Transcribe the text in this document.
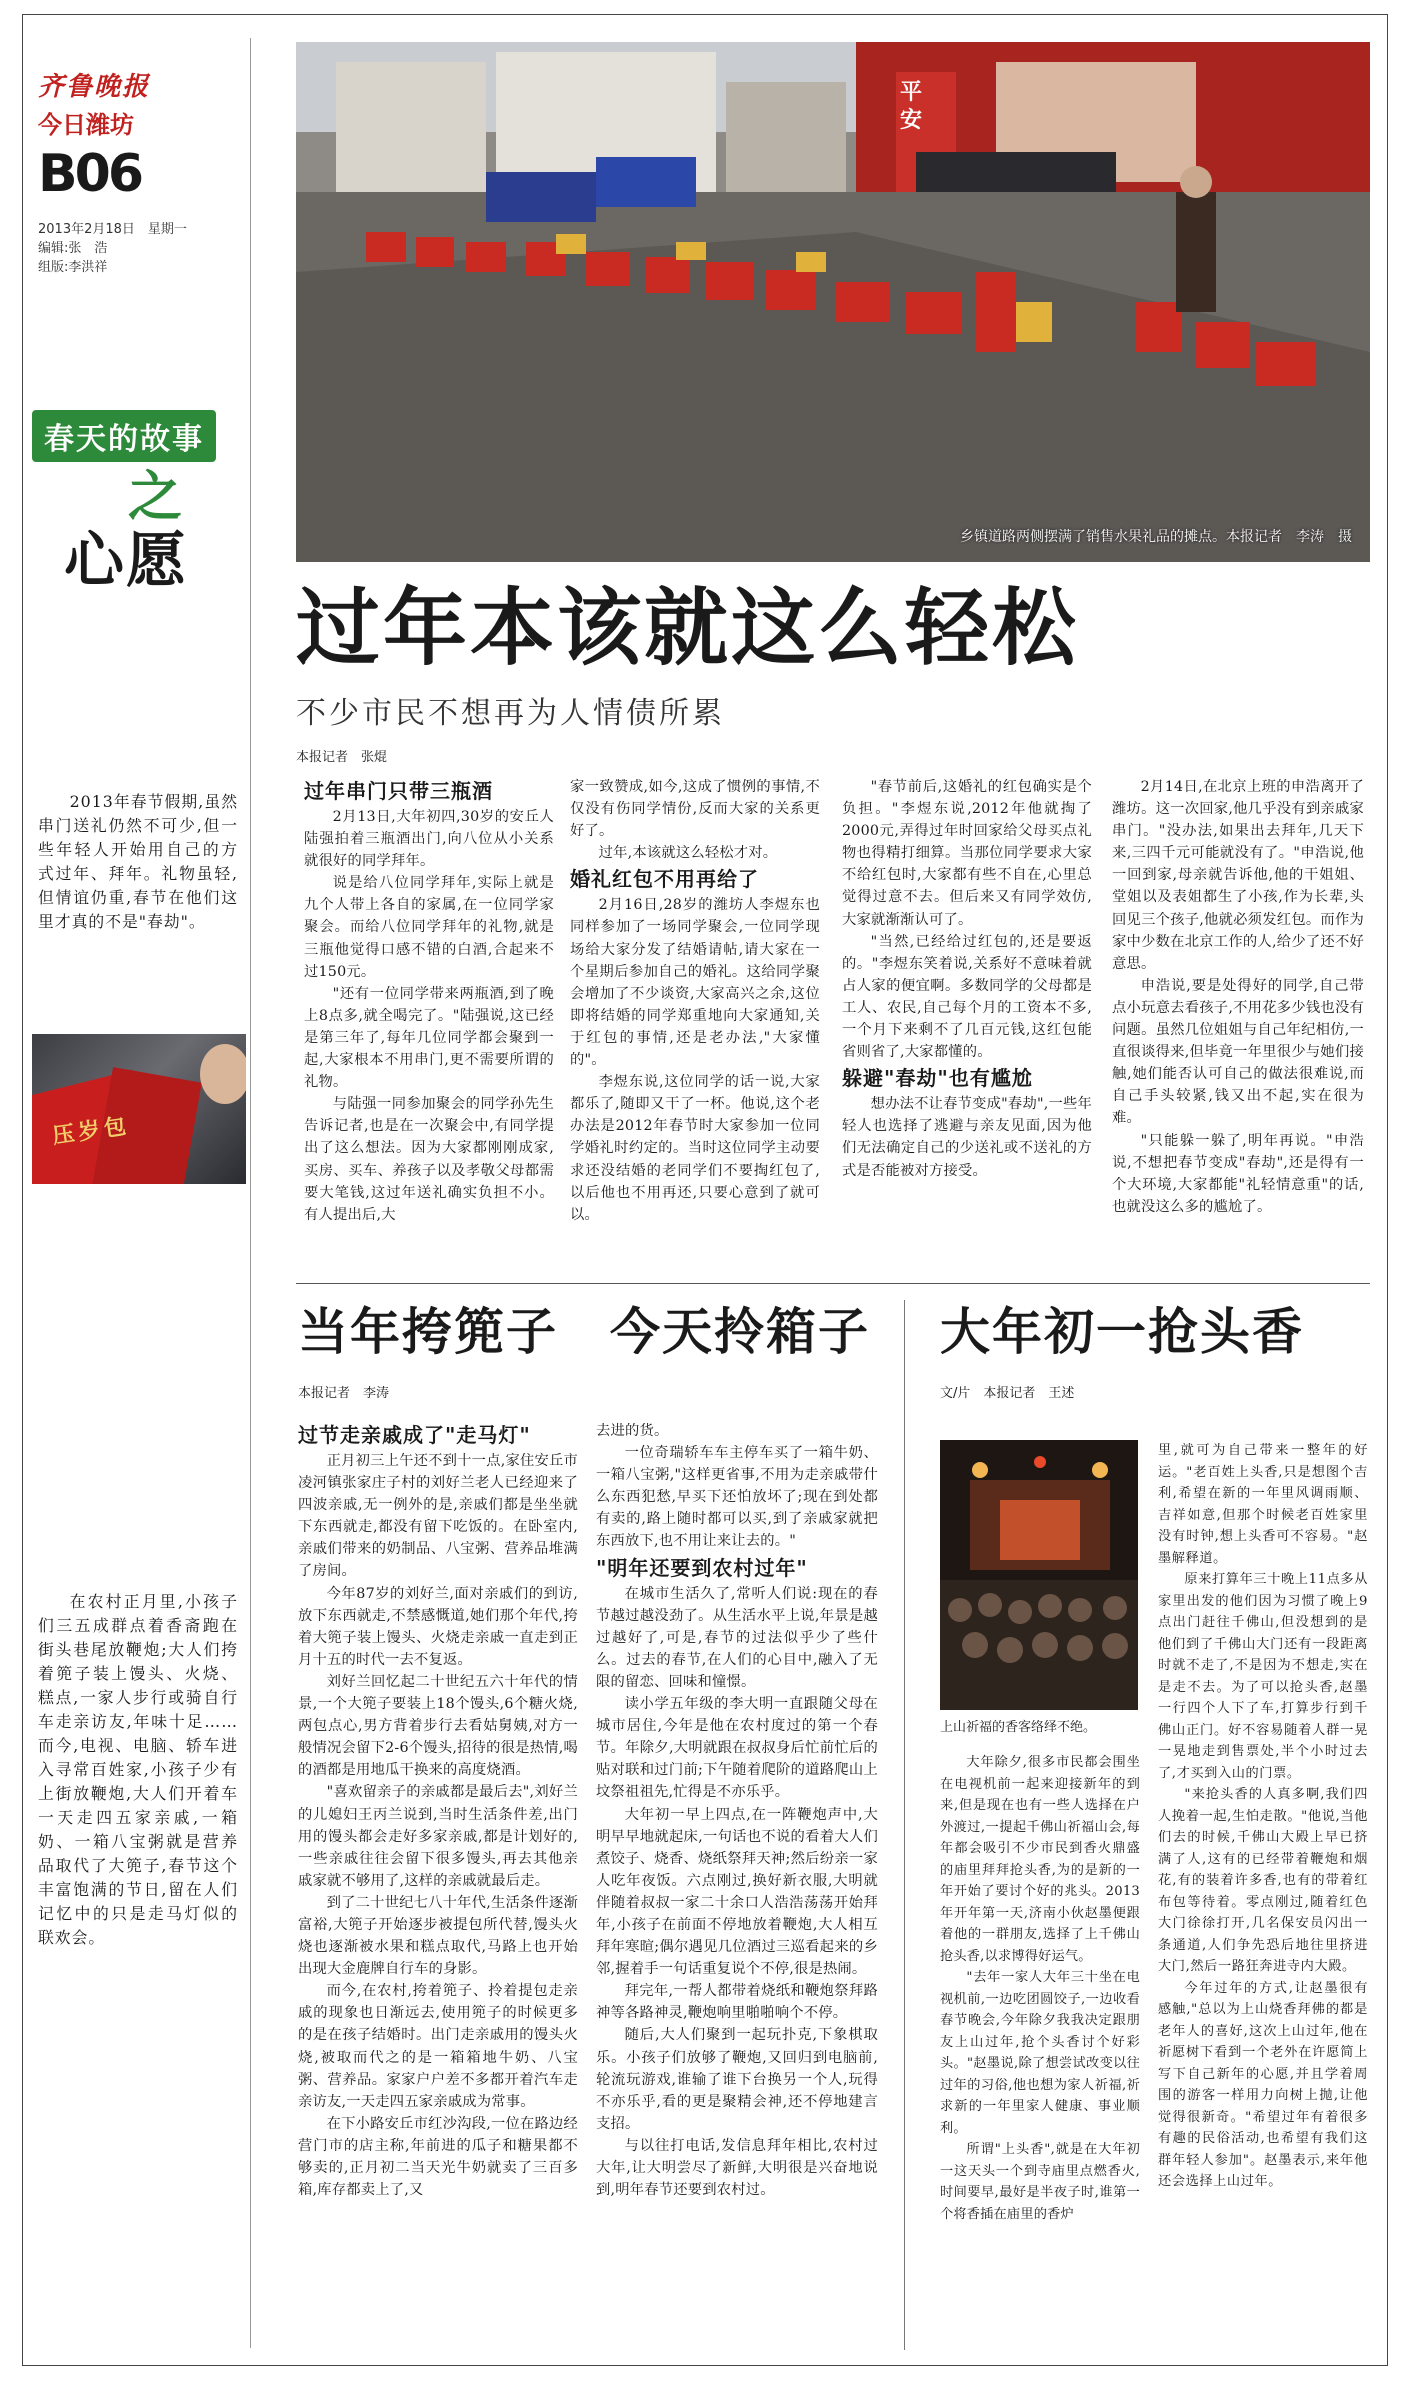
齐鲁晚报
今日潍坊
B06
2013年2月18日　星期一
编辑:张　浩
组版:李洪祥
春天的故事
之
心愿

2013年春节假期,虽然串门送礼仍然不可少,但一些年轻人开始用自己的方式过年、拜年。礼物虽轻,但情谊仍重,春节在他们这里才真的不是"春劫"。

压岁包

在农村正月里,小孩子们三五成群点着香斋跑在街头巷尾放鞭炮;大人们挎着篼子装上馒头、火烧、糕点,一家人步行或骑自行车走亲访友,年味十足……而今,电视、电脑、轿车进入寻常百姓家,小孩子少有上街放鞭炮,大人们开着车一天走四五家亲戚,一箱奶、一箱八宝粥就是营养品取代了大篼子,春节这个丰富饱满的节日,留在人们记忆中的只是走马灯似的联欢会。

平安
乡镇道路两侧摆满了销售水果礼品的摊点。本报记者　李涛　摄
过年本该就这么轻松
不少市民不想再为人情债所累
本报记者　张焜

过年串门只带三瓶酒

2月13日,大年初四,30岁的安丘人陆强拍着三瓶酒出门,向八位从小关系就很好的同学拜年。

说是给八位同学拜年,实际上就是九个人带上各自的家属,在一位同学家聚会。而给八位同学拜年的礼物,就是三瓶他觉得口感不错的白酒,合起来不过150元。

"还有一位同学带来两瓶酒,到了晚上8点多,就全喝完了。"陆强说,这已经是第三年了,每年几位同学都会聚到一起,大家根本不用串门,更不需要所谓的礼物。

与陆强一同参加聚会的同学孙先生告诉记者,也是在一次聚会中,有同学提出了这么想法。因为大家都刚刚成家,买房、买车、养孩子以及孝敬父母都需要大笔钱,这过年送礼确实负担不小。有人提出后,大

家一致赞成,如今,这成了惯例的事情,不仅没有伤同学情份,反而大家的关系更好了。

过年,本该就这么轻松才对。

婚礼红包不用再给了

2月16日,28岁的潍坊人李煜东也同样参加了一场同学聚会,一位同学现场给大家分发了结婚请帖,请大家在一个星期后参加自己的婚礼。这给同学聚会增加了不少谈资,大家高兴之余,这位即将结婚的同学郑重地向大家通知,关于红包的事情,还是老办法,"大家懂的"。

李煜东说,这位同学的话一说,大家都乐了,随即又干了一杯。他说,这个老办法是2012年春节时大家参加一位同学婚礼时约定的。当时这位同学主动要求还没结婚的老同学们不要掏红包了,以后他也不用再还,只要心意到了就可以。

"春节前后,这婚礼的红包确实是个负担。"李煜东说,2012年他就掏了2000元,弄得过年时回家给父母买点礼物也得精打细算。当那位同学要求大家不给红包时,大家都有些不自在,心里总觉得过意不去。但后来又有同学效仿,大家就渐渐认可了。

"当然,已经给过红包的,还是要返的。"李煜东笑着说,关系好不意味着就占人家的便宜啊。多数同学的父母都是工人、农民,自己每个月的工资本不多,一个月下来剩不了几百元钱,这红包能省则省了,大家都懂的。

躲避"春劫"也有尴尬

想办法不让春节变成"春劫",一些年轻人也选择了逃避与亲友见面,因为他们无法确定自己的少送礼或不送礼的方式是否能被对方接受。

2月14日,在北京上班的申浩离开了潍坊。这一次回家,他几乎没有到亲戚家串门。"没办法,如果出去拜年,几天下来,三四千元可能就没有了。"申浩说,他一回到家,母亲就告诉他,他的干姐姐、堂姐以及表姐都生了小孩,作为长辈,头回见三个孩子,他就必须发红包。而作为家中少数在北京工作的人,给少了还不好意思。

申浩说,要是处得好的同学,自己带点小玩意去看孩子,不用花多少钱也没有问题。虽然几位姐姐与自己年纪相仿,一直很谈得来,但毕竟一年里很少与她们接触,她们能否认可自己的做法很难说,而自己手头较紧,钱又出不起,实在很为难。

"只能躲一躲了,明年再说。"申浩说,不想把春节变成"春劫",还是得有一个大环境,大家都能"礼轻情意重"的话,也就没这么多的尴尬了。

当年挎篼子　今天拎箱子
本报记者　李涛

过节走亲戚成了"走马灯"

正月初三上午还不到十一点,家住安丘市凌河镇张家庄子村的刘好兰老人已经迎来了四波亲戚,无一例外的是,亲戚们都是坐坐就下东西就走,都没有留下吃饭的。在卧室内,亲戚们带来的奶制品、八宝粥、营养品堆满了房间。

今年87岁的刘好兰,面对亲戚们的到访,放下东西就走,不禁感慨道,她们那个年代,挎着大篼子装上馒头、火烧走亲戚一直走到正月十五的时代一去不复返。

刘好兰回忆起二十世纪五六十年代的情景,一个大篼子要装上18个馒头,6个糖火烧,两包点心,男方背着步行去看姑舅姨,对方一般情况会留下2-6个馒头,招待的很是热情,喝的酒都是用地瓜干换来的高度烧酒。

"喜欢留亲子的亲戚都是最后去",刘好兰的儿媳妇王丙兰说到,当时生活条件差,出门用的馒头都会走好多家亲戚,都是计划好的,一些亲戚往往会留下很多馒头,再去其他亲戚家就不够用了,这样的亲戚就最后走。

到了二十世纪七八十年代,生活条件逐渐富裕,大篼子开始逐步被提包所代替,馒头火烧也逐渐被水果和糕点取代,马路上也开始出现大金鹿牌自行车的身影。

而今,在农村,挎着篼子、拎着提包走亲戚的现象也日渐远去,使用篼子的时候更多的是在孩子结婚时。出门走亲戚用的馒头火烧,被取而代之的是一箱箱地牛奶、八宝粥、营养品。家家户户差不多都开着汽车走亲访友,一天走四五家亲戚成为常事。

在下小路安丘市红沙沟段,一位在路边经营门市的店主称,年前进的瓜子和糖果都不够卖的,正月初二当天光牛奶就卖了三百多箱,库存都卖上了,又

去进的货。

一位奇瑞轿车车主停车买了一箱牛奶、一箱八宝粥,"这样更省事,不用为走亲戚带什么东西犯愁,早买下还怕放坏了;现在到处都有卖的,路上随时都可以买,到了亲戚家就把东西放下,也不用让来让去的。"

"明年还要到农村过年"

在城市生活久了,常听人们说:现在的春节越过越没劲了。从生活水平上说,年景是越过越好了,可是,春节的过法似乎少了些什么。过去的春节,在人们的心目中,融入了无限的留恋、回味和憧憬。

读小学五年级的李大明一直跟随父母在城市居住,今年是他在农村度过的第一个春节。年除夕,大明就跟在叔叔身后忙前忙后的贴对联和过门前;下午随着爬阶的道路爬山上坟祭祖祖先,忙得是不亦乐乎。

大年初一早上四点,在一阵鞭炮声中,大明早早地就起床,一句话也不说的看着大人们煮饺子、烧香、烧纸祭拜天神;然后纷亲一家人吃年夜饭。六点刚过,换好新衣服,大明就伴随着叔叔一家二十余口人浩浩荡荡开始拜年,小孩子在前面不停地放着鞭炮,大人相互拜年寒暄;偶尔遇见几位酒过三巡看起来的乡邻,握着手一句话重复说个不停,很是热闹。

拜完年,一帮人都带着烧纸和鞭炮祭拜路神等各路神灵,鞭炮响里啪啪响个不停。

随后,大人们聚到一起玩扑克,下象棋取乐。小孩子们放够了鞭炮,又回归到电脑前,轮流玩游戏,谁输了谁下台换另一个人,玩得不亦乐乎,看的更是聚精会神,还不停地建言支招。

与以往打电话,发信息拜年相比,农村过大年,让大明尝尽了新鲜,大明很是兴奋地说到,明年春节还要到农村过。

大年初一抢头香
文/片　本报记者　王述
上山祈福的香客络绎不绝。

大年除夕,很多市民都会围坐在电视机前一起来迎接新年的到来,但是现在也有一些人选择在户外渡过,一提起千佛山祈福山会,每年都会吸引不少市民到香火鼎盛的庙里拜拜抢头香,为的是新的一年开始了要讨个好的兆头。2013年开年第一天,济南小伙赵墨便跟着他的一群朋友,选择了上千佛山抢头香,以求博得好运气。

"去年一家人大年三十坐在电视机前,一边吃团圆饺子,一边收看春节晚会,今年除夕我我决定跟朋友上山过年,抢个头香讨个好彩头。"赵墨说,除了想尝试改变以往过年的习俗,他也想为家人祈福,祈求新的一年里家人健康、事业顺利。

所谓"上头香",就是在大年初一这天头一个到寺庙里点燃香火,时间要早,最好是半夜子时,谁第一个将香插在庙里的香炉

里,就可为自己带来一整年的好运。"老百姓上头香,只是想图个吉利,希望在新的一年里风调雨顺、吉祥如意,但那个时候老百姓家里没有时钟,想上头香可不容易。"赵墨解释道。

原来打算年三十晚上11点多从家里出发的他们因为习惯了晚上9点出门赶往千佛山,但没想到的是他们到了千佛山大门还有一段距离时就不走了,不是因为不想走,实在是走不去。为了可以抢头香,赵墨一行四个人下了车,打算步行到千佛山正门。好不容易随着人群一晃一晃地走到售票处,半个小时过去了,才买到入山的门票。

"来抢头香的人真多啊,我们四人挽着一起,生怕走散。"他说,当他们去的时候,千佛山大殿上早已挤满了人,这有的已经带着鞭炮和烟花,有的装着许多香,也有的带着红布包等待着。零点刚过,随着红色大门徐徐打开,几名保安员闪出一条通道,人们争先恐后地往里挤进大门,然后一路狂奔进寺内大殿。

今年过年的方式,让赵墨很有感触,"总以为上山烧香拜佛的都是老年人的喜好,这次上山过年,他在祈愿树下看到一个老外在许愿简上写下自己新年的心愿,并且学着周围的游客一样用力向树上抛,让他觉得很新奇。"希望过年有着很多有趣的民俗活动,也希望有我们这群年轻人参加"。赵墨表示,来年他还会选择上山过年。
